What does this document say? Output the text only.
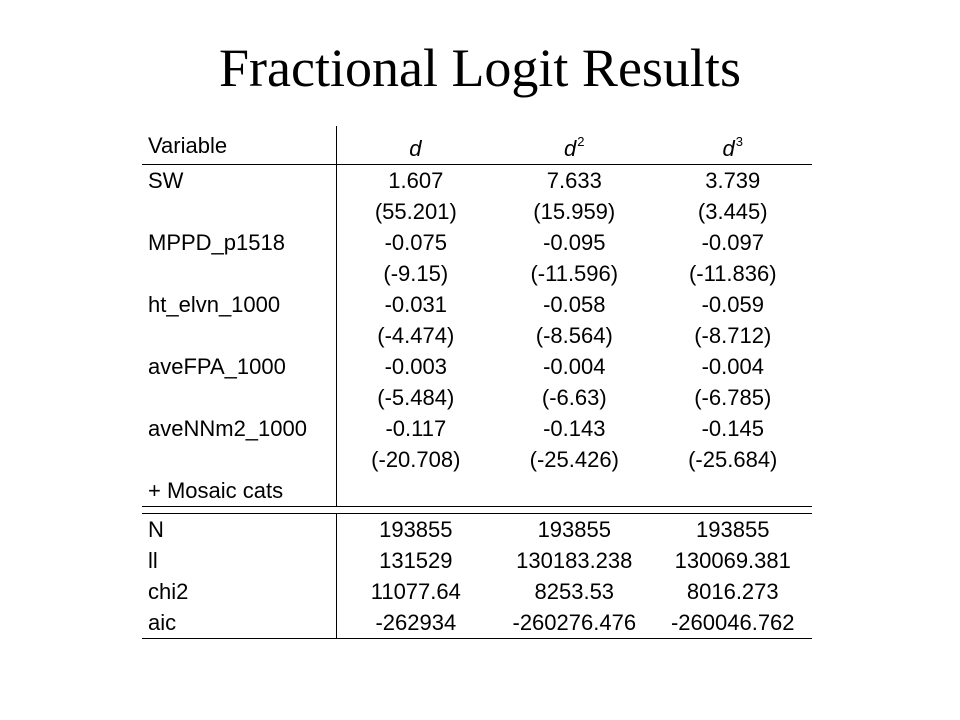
Fractional Logit Results
Variable	d	$d^2$	$d^3$
SW	1.607	7.633	3.739
	(55.201)	(15.959)	(3.445)
MPPD_p1518	-0.075	-0.095	-0.097
	(-9.15)	(-11.596)	(-11.836)
ht_elvn_1000	-0.031	-0.058	-0.059
	(-4.474)	(-8.564)	(-8.712)
aveFPA_1000	-0.003	-0.004	-0.004
	(-5.484)	(-6.63)	(-6.785)
aveNNm2_1000	-0.117	-0.143	-0.145
	(-20.708)	(-25.426)	(-25.684)
+ Mosaic cats			

N	193855	193855	193855
ll	131529	130183.238	130069.381
chi2	11077.64	8253.53	8016.273
aic	-262934	-260276.476	-260046.762
